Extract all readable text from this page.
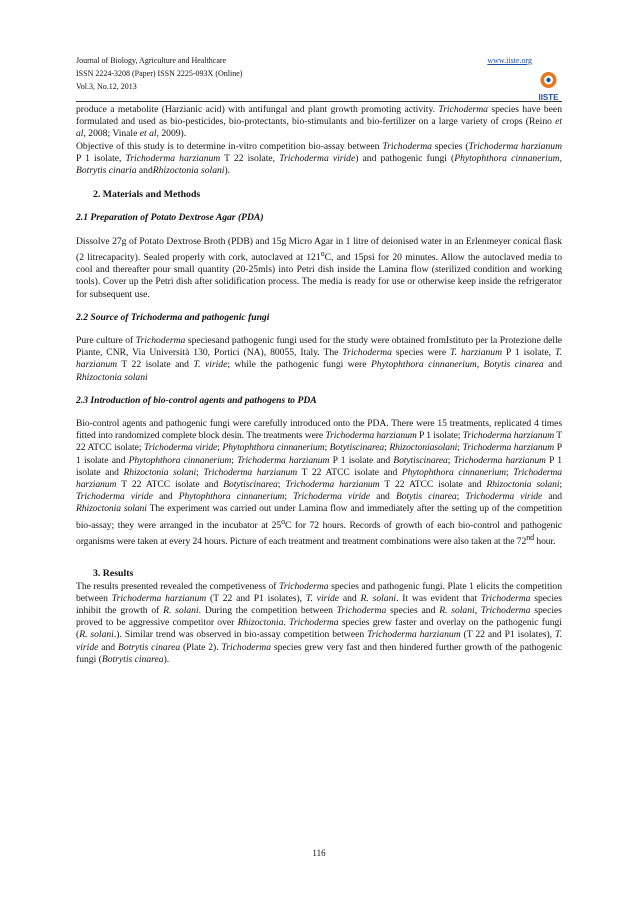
Journal of Biology, Agriculture and Healthcare
ISSN 2224-3208 (Paper) ISSN 2225-093X (Online)
Vol.3, No.12, 2013
www.iiste.org
IISTE

produce a metabolite (Harzianic acid) with antifungal and plant growth promoting activity. Trichoderma species have been formulated and used as bio-pesticides, bio-protectants, bio-stimulants and bio-fertilizer on a large variety of crops (Reino et al, 2008; Vinale et al, 2009).

Objective of this study is to determine in-vitro competition bio-assay between Trichoderma species (Trichoderma harzianum P 1 isolate, Trichoderma harzianum T 22 isolate, Trichoderma viride) and pathogenic fungi (Phytophthora cinnanerium, Botrytis cinaria andRhizoctonia solani).

2. Materials and Methods

2.1 Preparation of Potato Dextrose Agar (PDA)

Dissolve 27g of Potato Dextrose Broth (PDB) and 15g Micro Agar in 1 litre of deionised water in an Erlenmeyer conical flask (2 litrecapacity). Sealed properly with cork, autoclaved at 121$^o$C, and 15psi for 20 minutes. Allow the autoclaved media to cool and thereafter pour small quantity (20-25mls) into Petri dish inside the Lamina flow (sterilized condition and working tools). Cover up the Petri dish after solidification process. The media is ready for use or otherwise keep inside the refrigerator for subsequent use.

2.2 Source of Trichoderma and pathogenic fungi

Pure culture of Trichoderma speciesand pathogenic fungi used for the study were obtained fromIstituto per la Protezione delle Piante, CNR, Via Università 130, Portici (NA), 80055, Italy. The Trichoderma species were T. harzianum P 1 isolate, T. harzianum T 22 isolate and T. viride; while the pathogenic fungi were Phytophthora cinnanerium, Botytis cinarea and Rhizoctonia solani

2.3 Introduction of bio-control agents and pathogens to PDA

Bio-control agents and pathogenic fungi were carefully introduced onto the PDA. There were 15 treatments, replicated 4 times fitted into randomized complete block desin. The treatments were Trichoderma harzianum P 1 isolate; Trichoderma harzianum T 22 ATCC isolate; Trichoderma viride; Phytophthora cinnanerium; Botytiscinarea; Rhizoctoniasolani; Trichoderma harzianum P 1 isolate and Phytophthora cinnanerium; Trichoderma harzianum P 1 isolate and Botytiscinarea; Trichoderma harzianum P 1 isolate and Rhizoctonia solani; Trichoderma harzianum T 22 ATCC isolate and Phytophthora cinnanerium; Trichoderma harzianum T 22 ATCC isolate and Botytiscinarea; Trichoderma harzianum T 22 ATCC isolate and Rhizoctonia solani; Trichoderma viride and Phytophthora cinnanerium; Trichoderma viride and Botytis cinarea; Trichoderma viride and Rhizoctonia solani The experiment was carried out under Lamina flow and immediately after the setting up of the competition bio-assay; they were arranged in the incubator at 25$^o$C for 72 hours. Records of growth of each bio-control and pathogenic organisms were taken at every 24 hours. Picture of each treatment and treatment combinations were also taken at the 72nd hour.

3. Results

The results presented revealed the competiveness of Trichoderma species and pathogenic fungi. Plate 1 elicits the competition between Trichoderma harzianum (T 22 and P1 isolates), T. viride and R. solani. It was evident that Trichoderma species inhibit the growth of R. solani. During the competition between Trichoderma species and R. solani, Trichoderma species proved to be aggressive competitor over Rhizoctonia. Trichoderma species grew faster and overlay on the pathogenic fungi (R. solani.). Similar trend was observed in bio-assay competition between Trichoderma harzianum (T 22 and P1 isolates), T. viride and Botrytis cinarea (Plate 2). Trichoderma species grew very fast and then hindered further growth of the pathogenic fungi (Botrytis cinarea).

116
